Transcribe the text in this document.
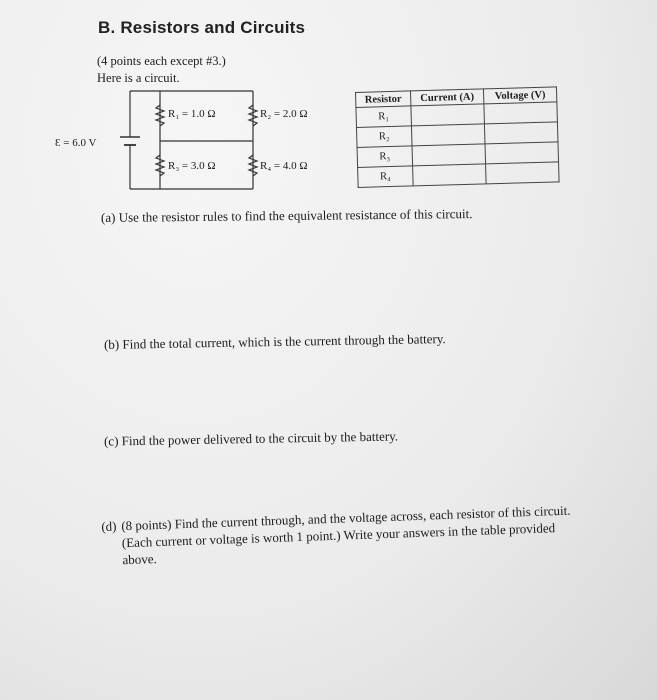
B. Resistors and Circuits
(4 points each except #3.)
Here is a circuit.
Ɛ = 6.0 V
R₁ = 1.0 Ω	R₂ = 2.0 Ω
R₃ = 3.0 Ω	R₄ = 4.0 Ω
Resistor	Current (A)	Voltage (V)
R₁		
R₂		
R₃		
R₄		
(a) Use the resistor rules to find the equivalent resistance of this circuit.
(b) Find the total current, which is the current through the battery.
(c) Find the power delivered to the circuit by the battery.
(d) (8 points) Find the current through, and the voltage across, each resistor of this circuit. (Each current or voltage is worth 1 point.) Write your answers in the table provided above.
